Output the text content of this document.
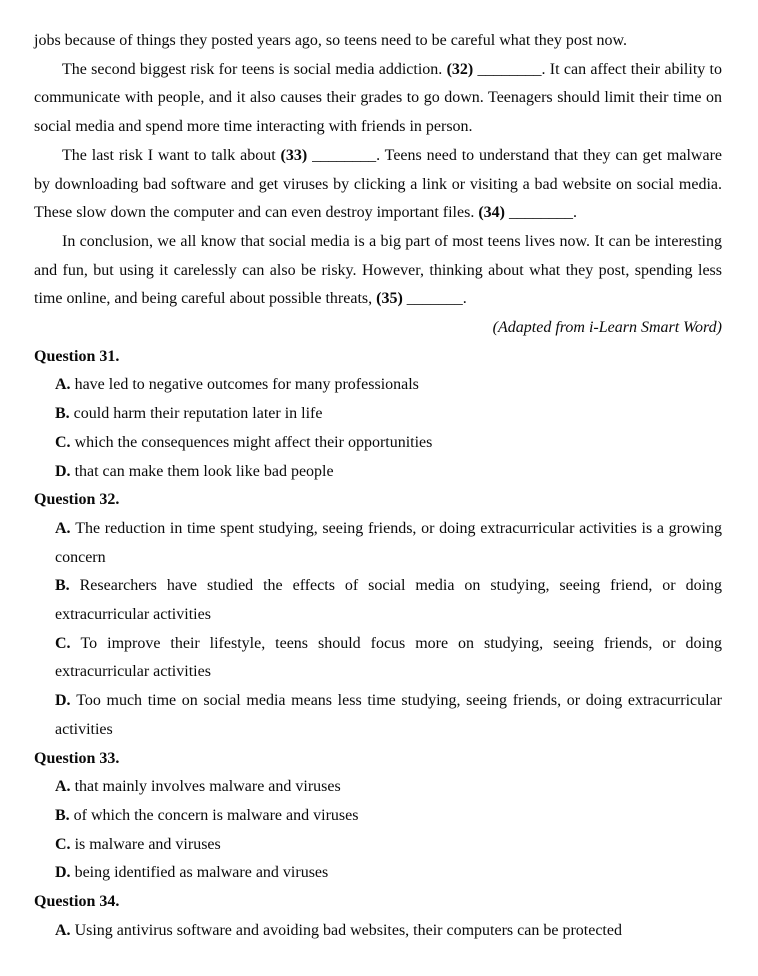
jobs because of things they posted years ago, so teens need to be careful what they post now.

The second biggest risk for teens is social media addiction. (32) ________. It can affect their ability to communicate with people, and it also causes their grades to go down. Teenagers should limit their time on social media and spend more time interacting with friends in person.

The last risk I want to talk about (33) ________. Teens need to understand that they can get malware by downloading bad software and get viruses by clicking a link or visiting a bad website on social media. These slow down the computer and can even destroy important files. (34) ________.

In conclusion, we all know that social media is a big part of most teens lives now. It can be interesting and fun, but using it carelessly can also be risky. However, thinking about what they post, spending less time online, and being careful about possible threats, (35) _______.

(Adapted from i-Learn Smart Word)

Question 31.
A. have led to negative outcomes for many professionals
B. could harm their reputation later in life
C. which the consequences might affect their opportunities
D. that can make them look like bad people
Question 32.
A. The reduction in time spent studying, seeing friends, or doing extracurricular activities is a growing concern
B. Researchers have studied the effects of social media on studying, seeing friend, or doing extracurricular activities
C. To improve their lifestyle, teens should focus more on studying, seeing friends, or doing extracurricular activities
D. Too much time on social media means less time studying, seeing friends, or doing extracurricular activities
Question 33.
A. that mainly involves malware and viruses
B. of which the concern is malware and viruses
C. is malware and viruses
D. being identified as malware and viruses
Question 34.
A. Using antivirus software and avoiding bad websites, their computers can be protected
